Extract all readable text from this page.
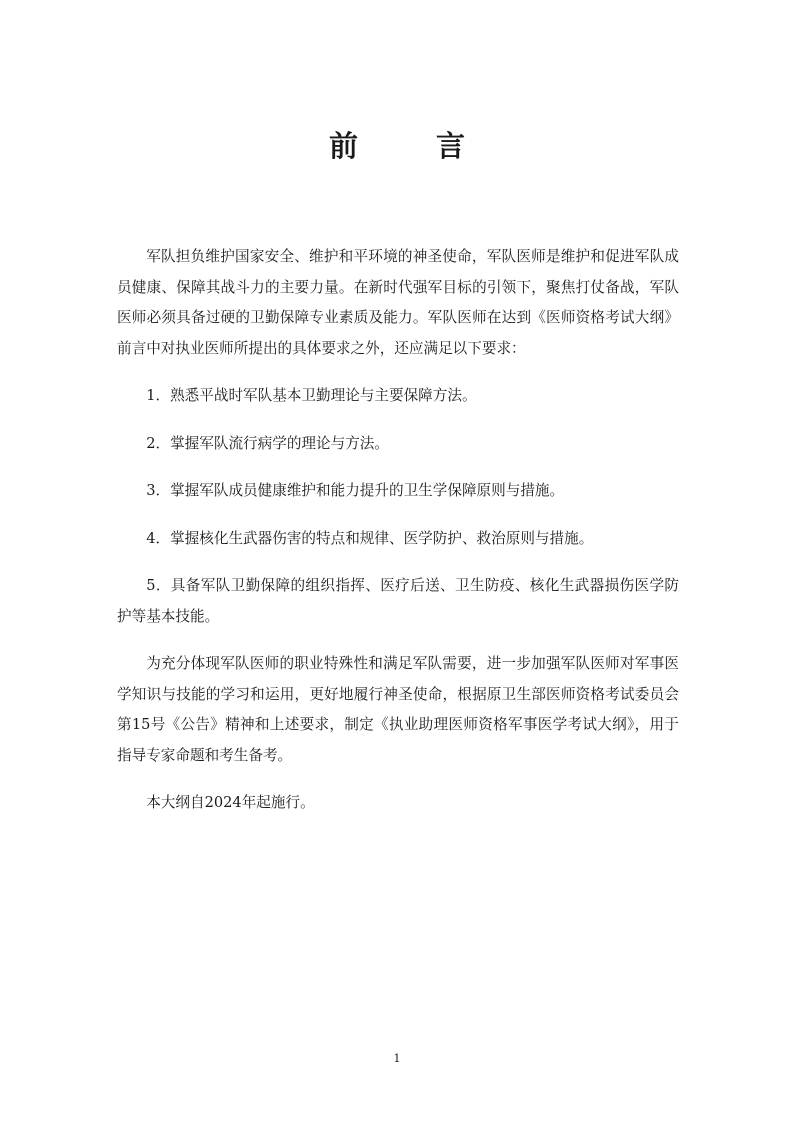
前 言

军队担负维护国家安全、维护和平环境的神圣使命，军队医师是维护和促进军队成员健康、保障其战斗力的主要力量。在新时代强军目标的引领下，聚焦打仗备战，军队医师必须具备过硬的卫勤保障专业素质及能力。军队医师在达到《医师资格考试大纲》前言中对执业医师所提出的具体要求之外，还应满足以下要求：

1．熟悉平战时军队基本卫勤理论与主要保障方法。

2．掌握军队流行病学的理论与方法。

3．掌握军队成员健康维护和能力提升的卫生学保障原则与措施。

4．掌握核化生武器伤害的特点和规律、医学防护、救治原则与措施。

5．具备军队卫勤保障的组织指挥、医疗后送、卫生防疫、核化生武器损伤医学防护等基本技能。

为充分体现军队医师的职业特殊性和满足军队需要，进一步加强军队医师对军事医学知识与技能的学习和运用，更好地履行神圣使命，根据原卫生部医师资格考试委员会第15号《公告》精神和上述要求，制定《执业助理医师资格军事医学考试大纲》，用于指导专家命题和考生备考。

本大纲自2024年起施行。

1
